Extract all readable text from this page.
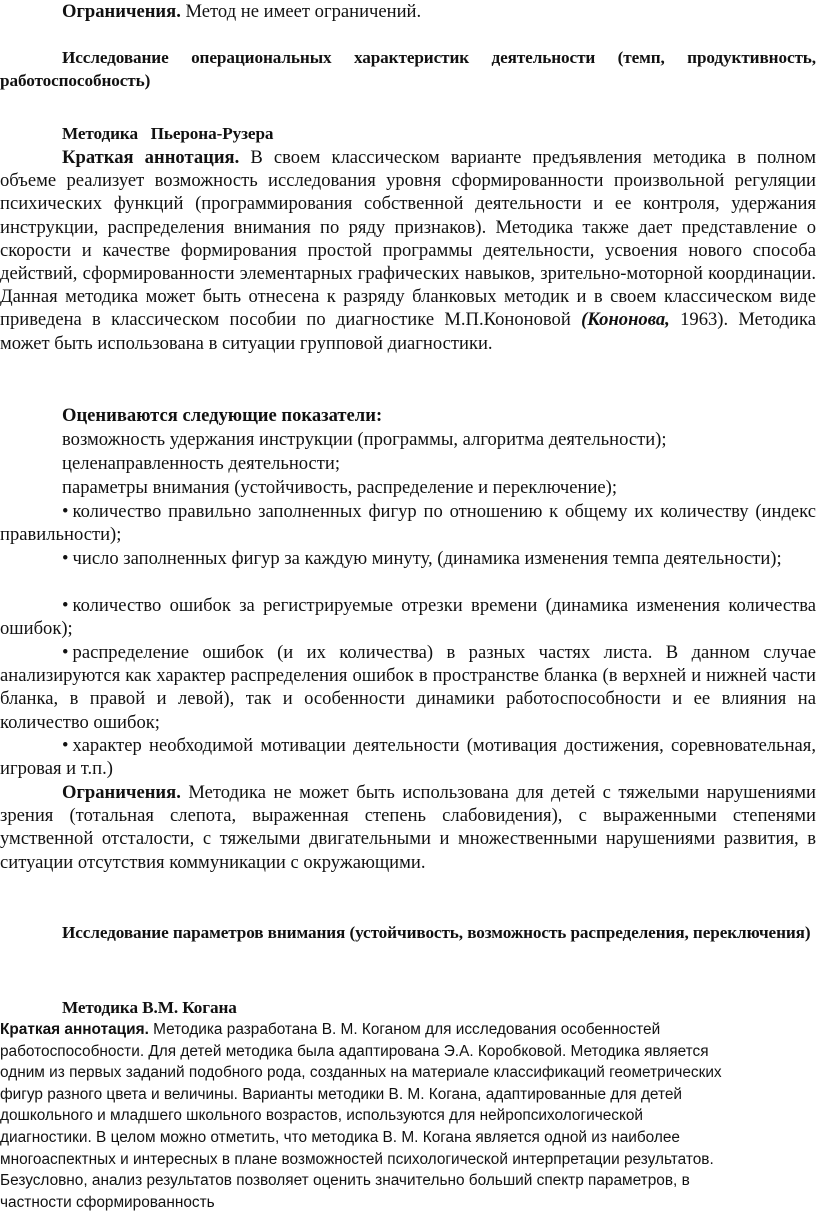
Ограничения. Метод не имеет ограничений.

Исследование операциональных характеристик деятельности (темп, продуктивность, работоспособность)

Методика   Пьерона-Рузера

Краткая аннотация. В своем классическом варианте предъявления методика в полном объеме реализует возможность исследования уровня сформированности произвольной регуляции психических функций (программирования собственной деятельности и ее контроля, удержания инструкции, распределения внимания по ряду признаков). Методика также дает представление о скорости и качестве формирования простой программы деятельности, усвоения нового способа действий, сформированности элементарных графических навыков, зрительно-моторной координации. Данная методика может быть отнесена к разряду бланковых методик и в своем классическом виде приведена в классическом пособии по диагностике М.П.Кононовой (Кононова, 1963). Методика может быть использована в ситуации групповой диагностики.

Оцениваются следующие показатели:

возможность удержания инструкции (программы, алгоритма деятельности);

целенаправленность деятельности;

параметры внимания (устойчивость, распределение и переключение);

• количество правильно заполненных фигур по отношению к общему их количеству (индекс правильности);

• число заполненных фигур за каждую минуту, (динамика изменения темпа деятельности);

• количество ошибок за регистрируемые отрезки времени (динамика изменения количества ошибок);

• распределение ошибок (и их количества) в разных частях листа. В данном случае анализируются как характер распределения ошибок в пространстве бланка (в верхней и нижней части бланка, в правой и левой), так и особенности динамики работоспособности и ее влияния на количество ошибок;

• характер необходимой мотивации деятельности (мотивация достижения, соревновательная, игровая и т.п.)

Ограничения. Методика не может быть использована для детей с тяжелыми нарушениями зрения (тотальная слепота, выраженная степень слабовидения), с выраженными степенями умственной отсталости, с тяжелыми двигательными и множественными нарушениями развития, в ситуации отсутствия коммуникации с окружающими.

Исследование параметров внимания (устойчивость, возможность распределения, переключения)

Методика В.М. Когана

Краткая аннотация. Методика разработана В. М. Коганом для исследования особенностей
работоспособности. Для детей методика была адаптирована Э.А. Коробковой. Методика является
одним из первых заданий подобного рода, созданных на материале классификаций геометрических
фигур разного цвета и величины. Варианты методики В. М. Когана, адаптированные для детей
дошкольного и младшего школьного возрастов, используются для нейропсихологической
диагностики. В целом можно отметить, что методика В. М. Когана является одной из наиболее
многоаспектных и интересных в плане возможностей психологической интерпретации результатов.
Безусловно, анализ результатов позволяет оценить значительно больший спектр параметров, в
частности сформированность
